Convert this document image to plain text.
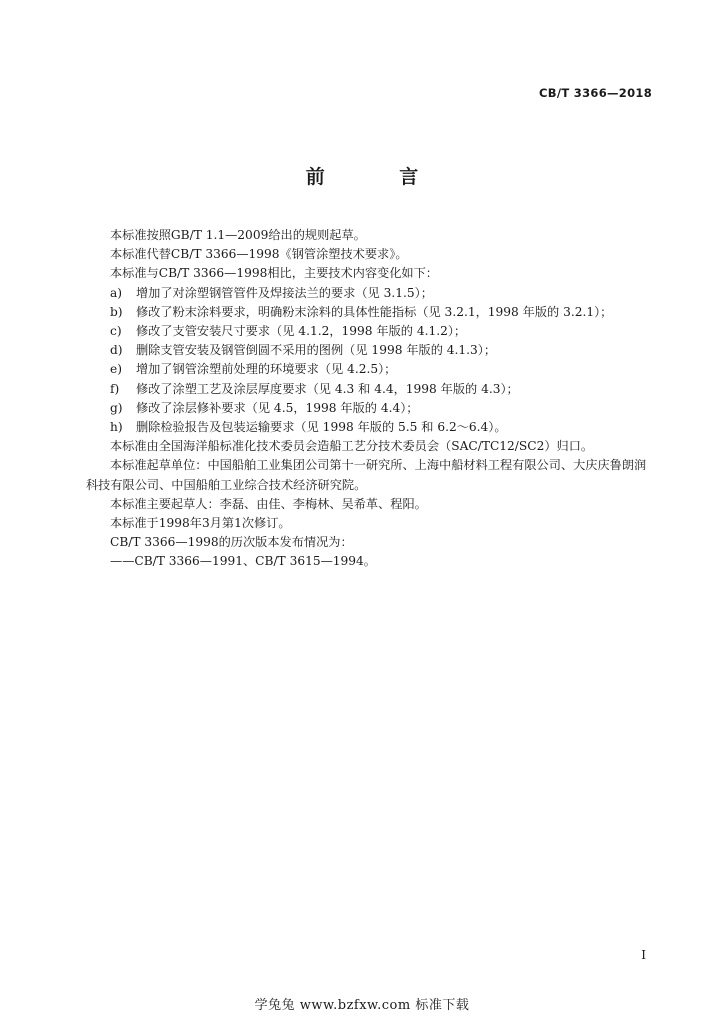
CB/T 3366—2018
前 言

本标准按照GB/T 1.1—2009给出的规则起草。

本标准代替CB/T 3366—1998《钢管涂塑技术要求》。

本标准与CB/T 3366—1998相比，主要技术内容变化如下：

a)	增加了对涂塑钢管管件及焊接法兰的要求（见 3.1.5）；
b)	修改了粉末涂料要求，明确粉末涂料的具体性能指标（见 3.2.1，1998 年版的 3.2.1）；
c)	修改了支管安装尺寸要求（见 4.1.2，1998 年版的 4.1.2）；
d)	删除支管安装及钢管倒圆不采用的图例（见 1998 年版的 4.1.3）；
e)	增加了钢管涂塑前处理的环境要求（见 4.2.5）；
f)	修改了涂塑工艺及涂层厚度要求（见 4.3 和 4.4，1998 年版的 4.3）；
g)	修改了涂层修补要求（见 4.5，1998 年版的 4.4）；
h)	删除检验报告及包装运输要求（见 1998 年版的 5.5 和 6.2～6.4）。

本标准由全国海洋船标准化技术委员会造船工艺分技术委员会（SAC/TC12/SC2）归口。

本标准起草单位：中国船舶工业集团公司第十一研究所、上海中船材料工程有限公司、大庆庆鲁朗润科技有限公司、中国船舶工业综合技术经济研究院。

本标准主要起草人：李磊、由佳、李梅林、吴希革、程阳。

本标准于1998年3月第1次修订。

CB/T 3366—1998的历次版本发布情况为：

——CB/T 3366—1991、CB/T 3615—1994。

I
学兔兔 www.bzfxw.com 标准下载
